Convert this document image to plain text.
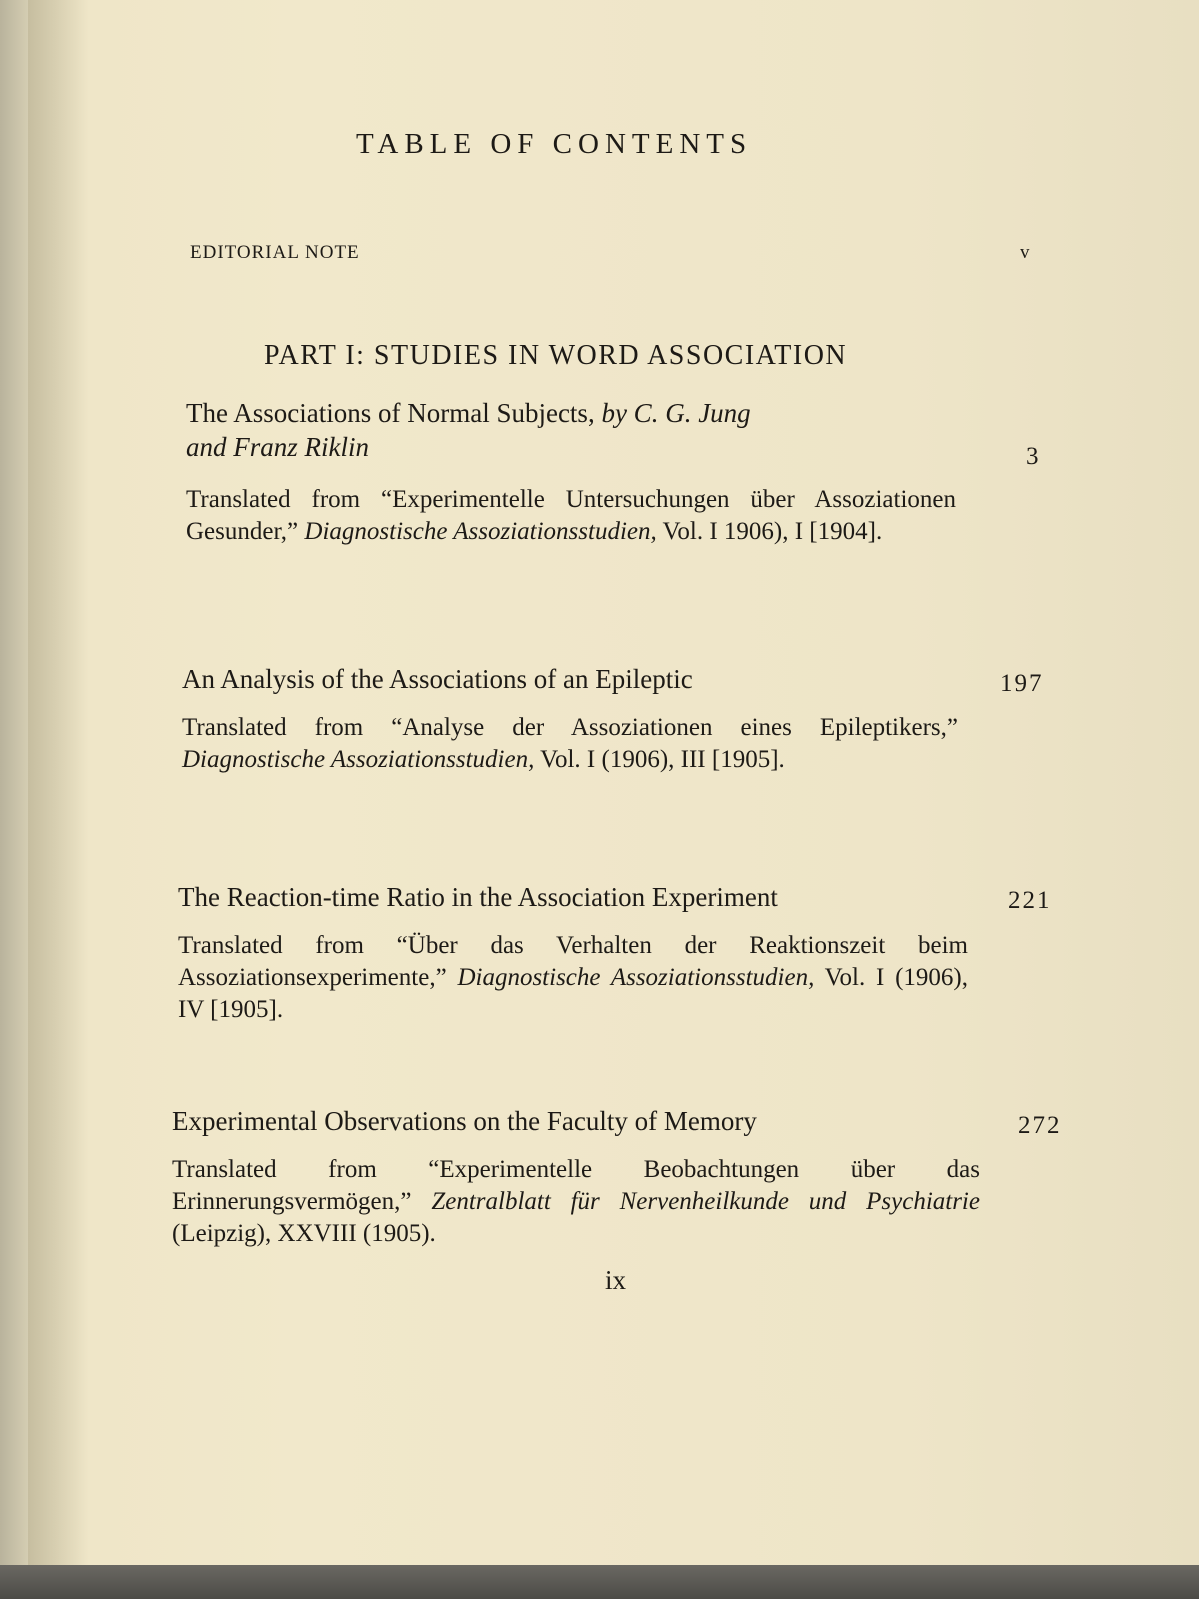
TABLE OF CONTENTS

EDITORIAL NOTE	v

PART I: STUDIES IN WORD ASSOCIATION

The Associations of Normal Subjects, by C. G. Jung

and Franz Riklin	3

Translated from “Experimentelle Untersuchungen über Assoziationen Gesunder,” Diagnostische Assoziationsstudien, Vol. I 1906), I [1904].

An Analysis of the Associations of an Epileptic	197

Translated from “Analyse der Assoziationen eines Epileptikers,” Diagnostische Assoziationsstudien, Vol. I (1906), III [1905].

The Reaction-time Ratio in the Association Experiment	221

Translated from “Über das Verhalten der Reaktionszeit beim Assoziationsexperimente,” Diagnostische Assoziationsstudien, Vol. I (1906), IV [1905].

Experimental Observations on the Faculty of Memory	272

Translated from “Experimentelle Beobachtungen über das Erinnerungsvermögen,” Zentralblatt für Nervenheilkunde und Psychiatrie (Leipzig), XXVIII (1905).

ix
